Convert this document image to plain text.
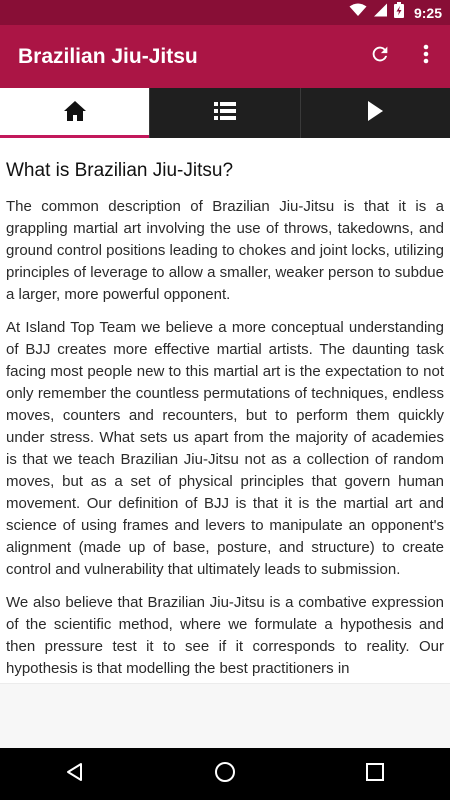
9:25
Brazilian Jiu-Jitsu
What is Brazilian Jiu-Jitsu?

The common description of Brazilian Jiu-Jitsu is that it is a grappling martial art involving the use of throws, takedowns, and ground control positions leading to chokes and joint locks, utilizing principles of leverage to allow a smaller, weaker person to subdue a larger, more powerful opponent.

At Island Top Team we believe a more conceptual understanding of BJJ creates more effective martial artists. The daunting task facing most people new to this martial art is the expectation to not only remember the countless permutations of techniques, endless moves, counters and recounters, but to perform them quickly under stress. What sets us apart from the majority of academies is that we teach Brazilian Jiu-Jitsu not as a collection of random moves, but as a set of physical principles that govern human movement. Our definition of BJJ is that it is the martial art and science of using frames and levers to manipulate an opponent's alignment (made up of base, posture, and structure) to create control and vulnerability that ultimately leads to submission.

We also believe that Brazilian Jiu-Jitsu is a combative expression of the scientific method, where we formulate a hypothesis and then pressure test it to see if it corresponds to reality. Our hypothesis is that modelling the best practitioners in
